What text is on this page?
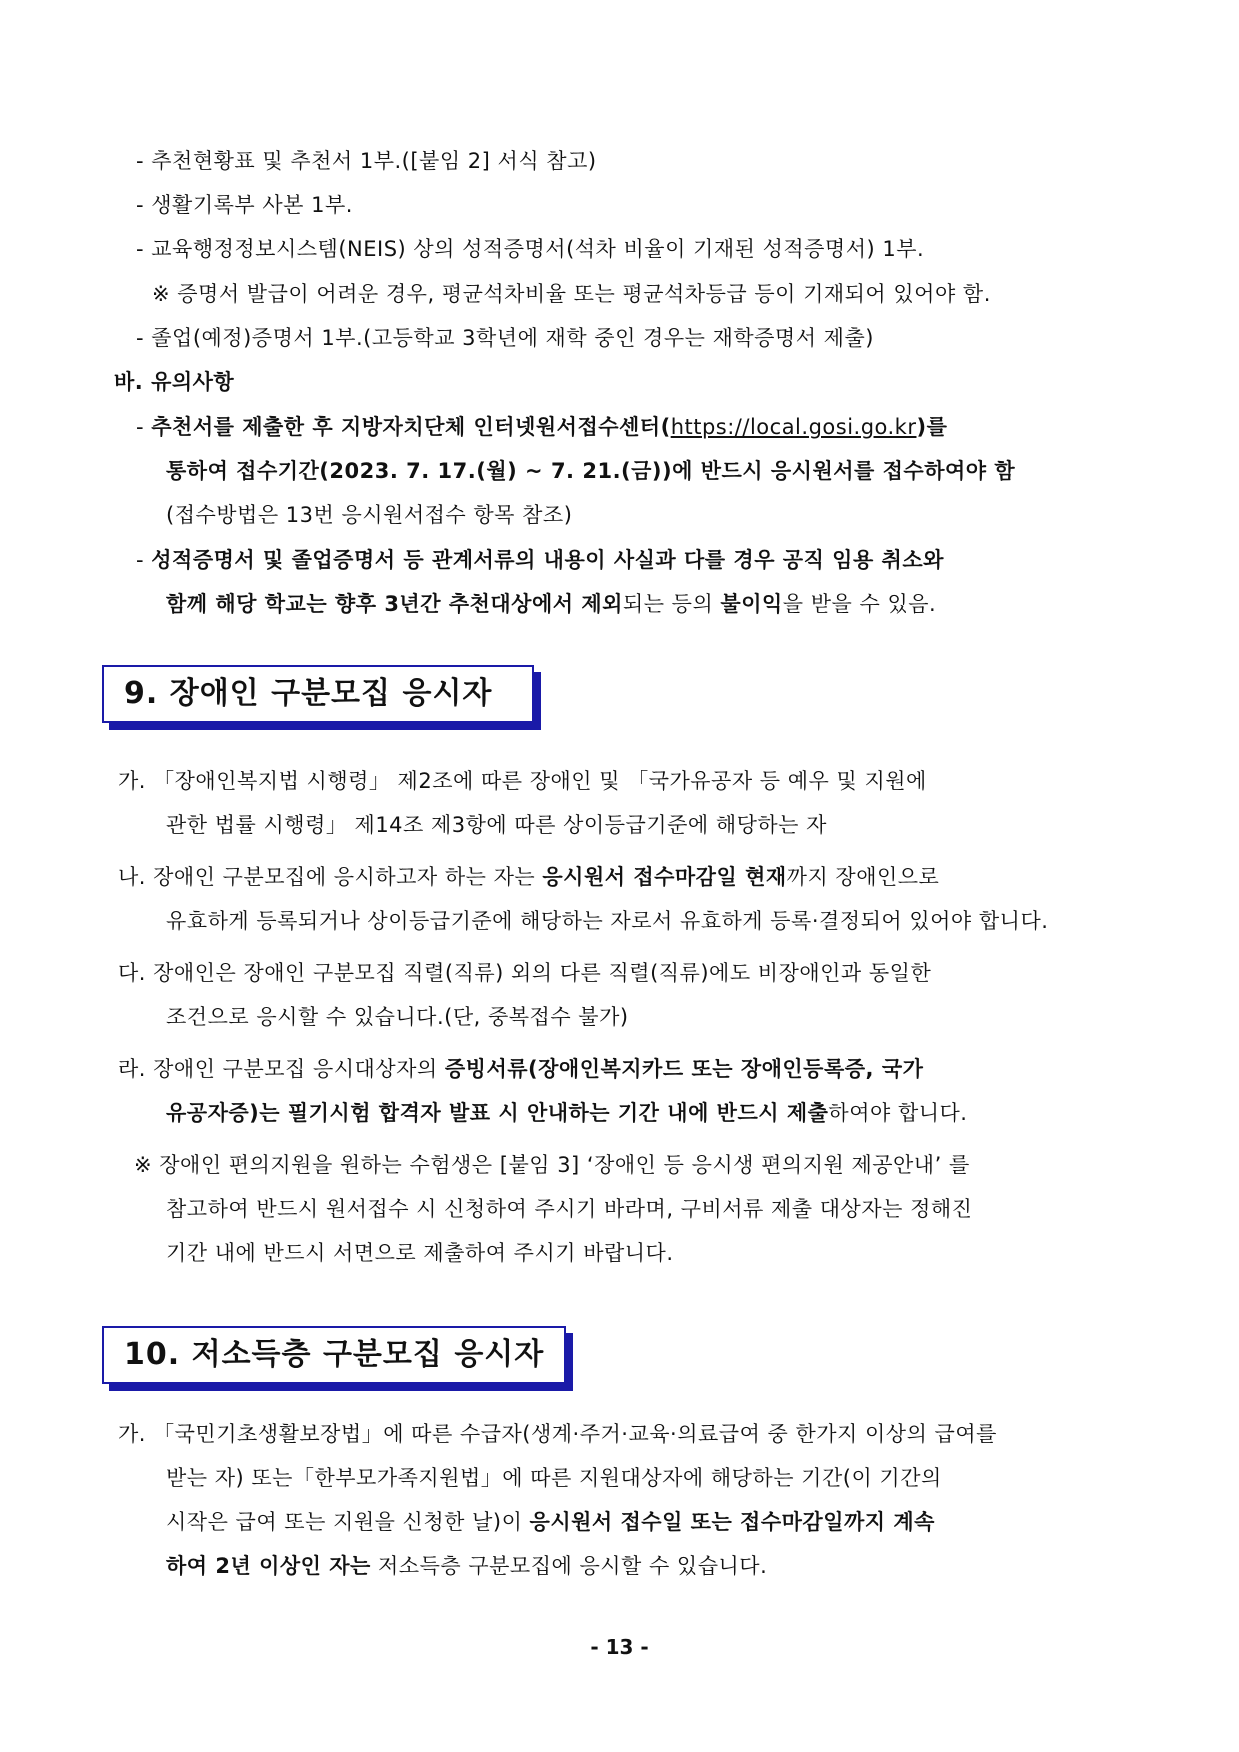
- 추천현황표 및 추천서 1부.([붙임 2] 서식 참고)
- 생활기록부 사본 1부.
- 교육행정정보시스템(NEIS) 상의 성적증명서(석차 비율이 기재된 성적증명서) 1부.
※ 증명서 발급이 어려운 경우, 평균석차비율 또는 평균석차등급 등이 기재되어 있어야 함.
- 졸업(예정)증명서 1부.(고등학교 3학년에 재학 중인 경우는 재학증명서 제출)
바. 유의사항
- 추천서를 제출한 후 지방자치단체 인터넷원서접수센터(https://local.gosi.go.kr)를
통하여 접수기간(2023. 7. 17.(월) ~ 7. 21.(금))에 반드시 응시원서를 접수하여야 함
(접수방법은 13번 응시원서접수 항목 참조)
- 성적증명서 및 졸업증명서 등 관계서류의 내용이 사실과 다를 경우 공직 임용 취소와
함께 해당 학교는 향후 3년간 추천대상에서 제외되는 등의 불이익을 받을 수 있음.
9. 장애인 구분모집 응시자
가. 「장애인복지법 시행령」 제2조에 따른 장애인 및 「국가유공자 등 예우 및 지원에
관한 법률 시행령」 제14조 제3항에 따른 상이등급기준에 해당하는 자
나. 장애인 구분모집에 응시하고자 하는 자는 응시원서 접수마감일 현재까지 장애인으로
유효하게 등록되거나 상이등급기준에 해당하는 자로서 유효하게 등록·결정되어 있어야 합니다.
다. 장애인은 장애인 구분모집 직렬(직류) 외의 다른 직렬(직류)에도 비장애인과 동일한
조건으로 응시할 수 있습니다.(단, 중복접수 불가)
라. 장애인 구분모집 응시대상자의 증빙서류(장애인복지카드 또는 장애인등록증, 국가
유공자증)는 필기시험 합격자 발표 시 안내하는 기간 내에 반드시 제출하여야 합니다.
※ 장애인 편의지원을 원하는 수험생은 [붙임 3] ‘장애인 등 응시생 편의지원 제공안내’ 를
참고하여 반드시 원서접수 시 신청하여 주시기 바라며, 구비서류 제출 대상자는 정해진
기간 내에 반드시 서면으로 제출하여 주시기 바랍니다.
10. 저소득층 구분모집 응시자
가. 「국민기초생활보장법」에 따른 수급자(생계·주거·교육·의료급여 중 한가지 이상의 급여를
받는 자) 또는「한부모가족지원법」에 따른 지원대상자에 해당하는 기간(이 기간의
시작은 급여 또는 지원을 신청한 날)이 응시원서 접수일 또는 접수마감일까지 계속
하여 2년 이상인 자는 저소득층 구분모집에 응시할 수 있습니다.
- 13 -
